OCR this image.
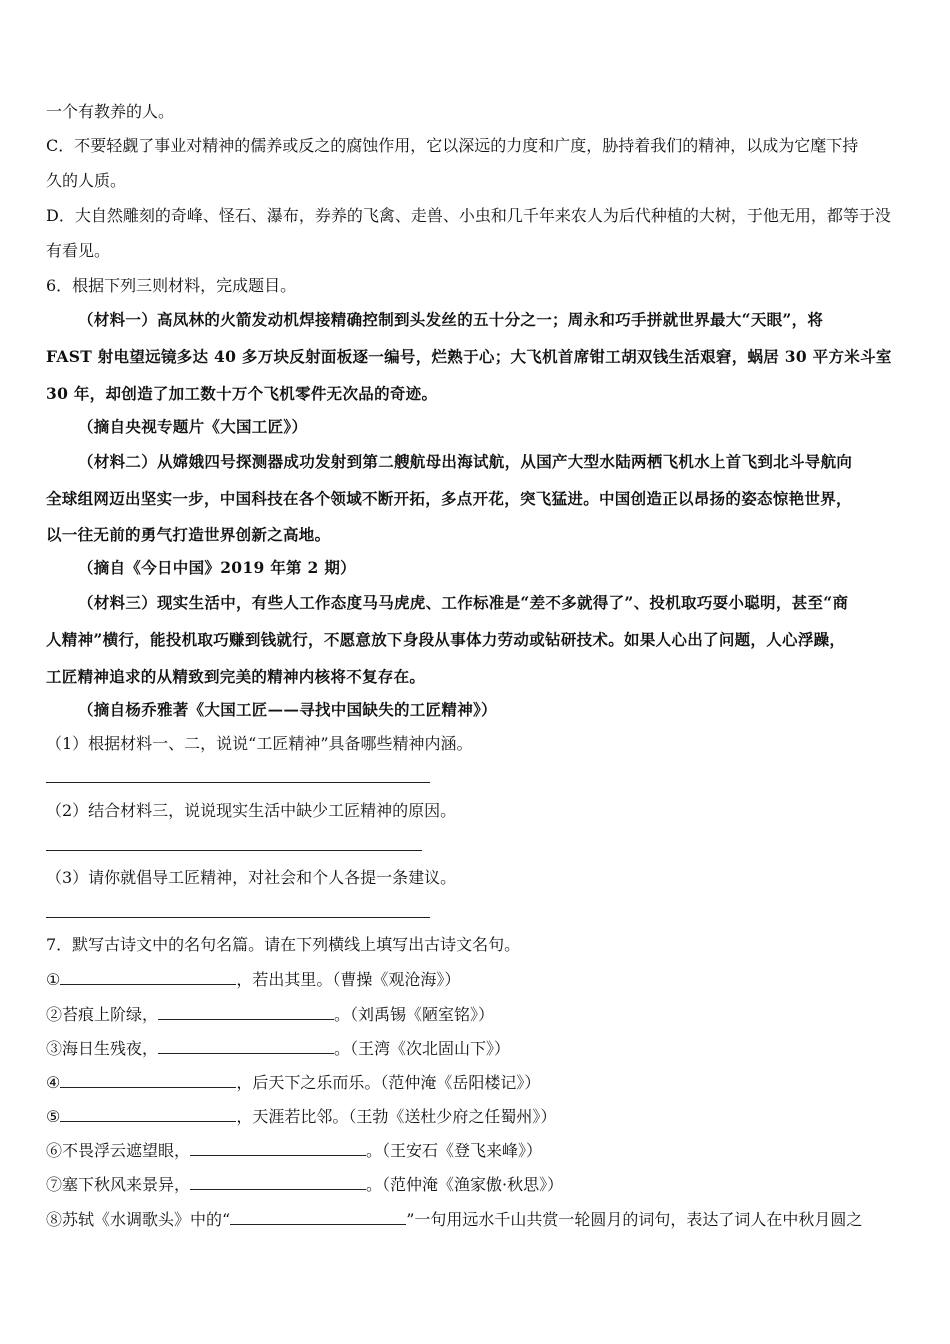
一个有教养的人。
C．不要轻觑了事业对精神的儒养或反之的腐蚀作用，它以深远的力度和广度，胁持着我们的精神，以成为它麾下持
久的人质。
D．大自然雕刻的奇峰、怪石、瀑布，券养的飞禽、走兽、小虫和几千年来农人为后代种植的大树，于他无用，都等于没
有看见。
6．根据下列三则材料，完成题目。
（材料一）高凤林的火箭发动机焊接精确控制到头发丝的五十分之一；周永和巧手拼就世界最大“天眼”，将
FAST 射电望远镜多达 40 多万块反射面板逐一编号，烂熟于心；大飞机首席钳工胡双钱生活艰窘，蜗居 30 平方米斗室
30 年，却创造了加工数十万个飞机零件无次品的奇迹。
（摘自央视专题片《大国工匠》）
（材料二）从嫦娥四号探测器成功发射到第二艘航母出海试航，从国产大型水陆两栖飞机水上首飞到北斗导航向
全球组网迈出坚实一步，中国科技在各个领域不断开拓，多点开花，突飞猛进。中国创造正以昂扬的姿态惊艳世界，
以一往无前的勇气打造世界创新之高地。
（摘自《今日中国》2019 年第 2 期）
（材料三）现实生活中，有些人工作态度马马虎虎、工作标准是“差不多就得了”、投机取巧耍小聪明，甚至“商
人精神”横行，能投机取巧赚到钱就行，不愿意放下身段从事体力劳动或钻研技术。如果人心出了问题，人心浮躁，
工匠精神追求的从精致到完美的精神内核将不复存在。
（摘自杨乔雅著《大国工匠——寻找中国缺失的工匠精神》）
（1）根据材料一、二，说说“工匠精神”具备哪些精神内涵。
（2）结合材料三，说说现实生活中缺少工匠精神的原因。
（3）请你就倡导工匠精神，对社会和个人各提一条建议。
7．默写古诗文中的名句名篇。请在下列横线上填写出古诗文名句。
①	，若出其里。（曹操《观沧海》）
②苔痕上阶绿，	。（刘禹锡《陋室铭》）
③海日生残夜，	。（王湾《次北固山下》）
④	，后天下之乐而乐。（范仲淹《岳阳楼记》）
⑤	，天涯若比邻。（王勃《送杜少府之任蜀州》）
⑥不畏浮云遮望眼，	。（王安石《登飞来峰》）
⑦塞下秋风来景异，	。（范仲淹《渔家傲·秋思》）
⑧苏轼《水调歌头》中的“	”一句用远水千山共赏一轮圆月的词句，表达了词人在中秋月圆之
